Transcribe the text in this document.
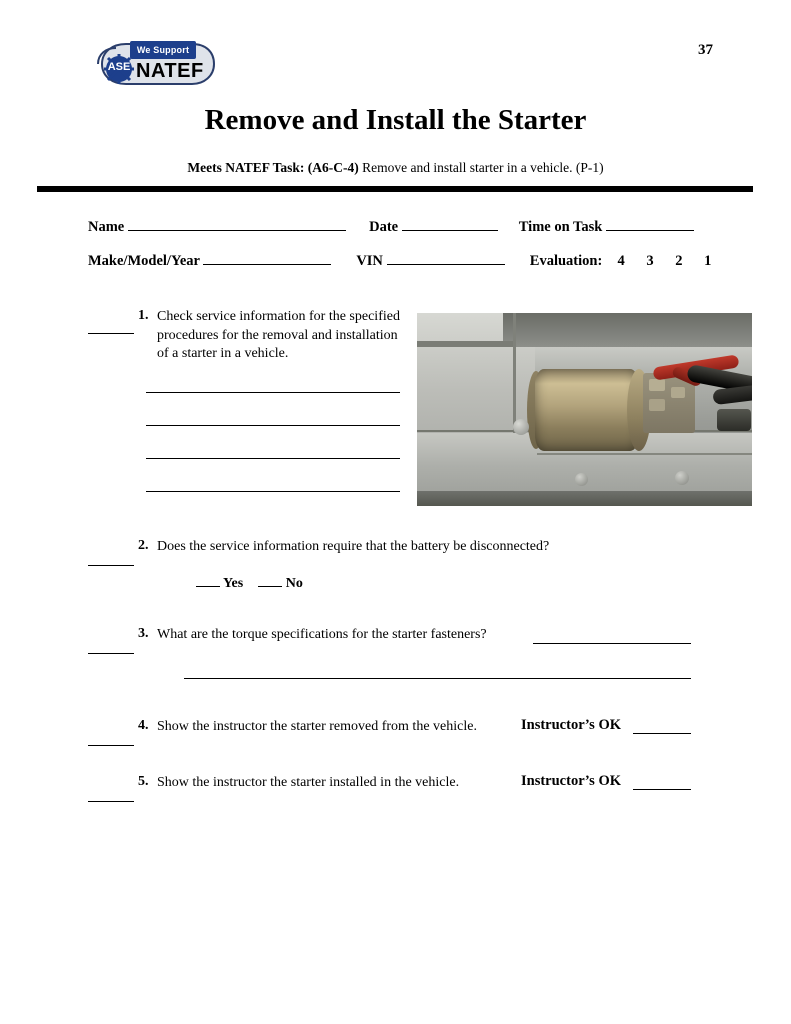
37
We Support
ASE NATEF
Remove and Install the Starter
Meets NATEF Task: (A6-C-4) Remove and install starter in a vehicle. (P-1)
Name	Date	Time on Task
Make/Model/Year	VIN	Evaluation: 4 3 2 1
1. Check service information for the specified procedures for the removal and installation of a starter in a vehicle.
2. Does the service information require that the battery be disconnected?
Yes	No
3. What are the torque specifications for the starter fasteners?
4. Show the instructor the starter removed from the vehicle.	Instructor’s OK
5. Show the instructor the starter installed in the vehicle.	Instructor’s OK
